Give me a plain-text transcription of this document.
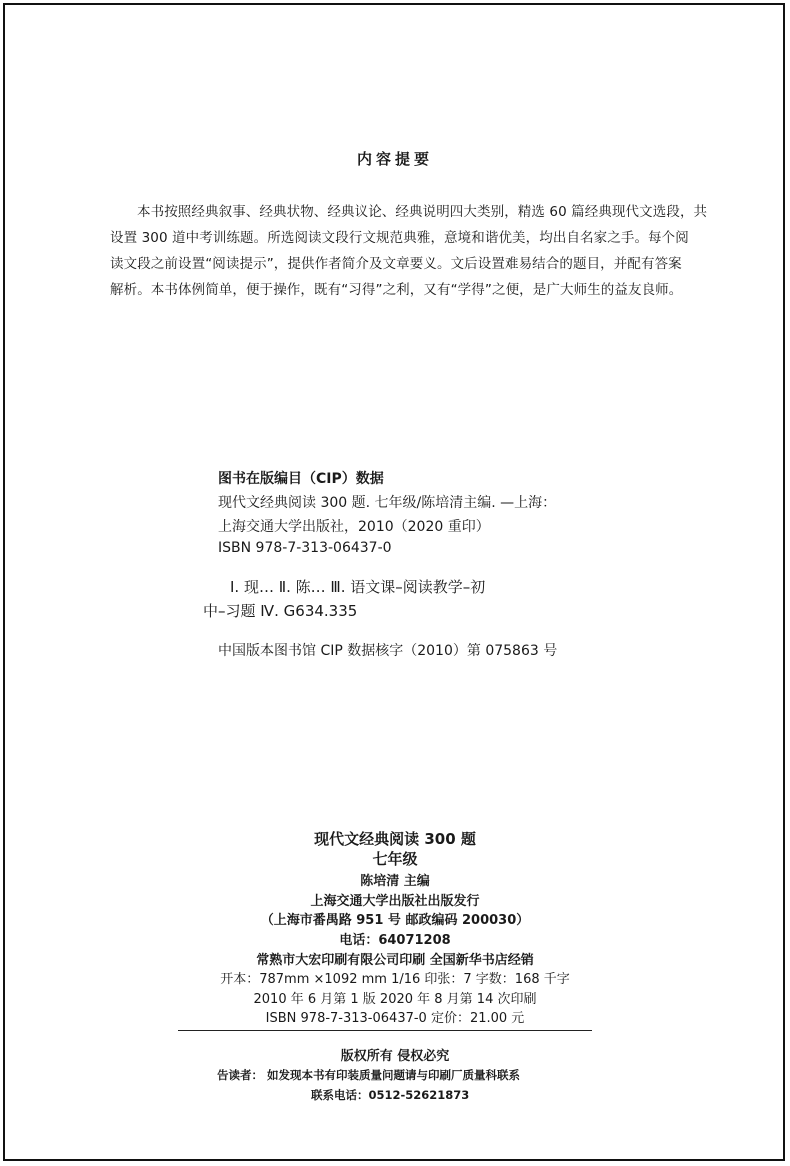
内容提要
本书按照经典叙事、经典状物、经典议论、经典说明四大类别，精选 60 篇经典现代文选段，共
设置 300 道中考训练题。所选阅读文段行文规范典雅，意境和谐优美，均出自名家之手。每个阅
读文段之前设置“阅读提示”，提供作者简介及文章要义。文后设置难易结合的题目，并配有答案
解析。本书体例简单，便于操作，既有“习得”之利，又有“学得”之便，是广大师生的益友良师。
图书在版编目（CIP）数据
现代文经典阅读 300 题. 七年级/陈培清主编. —上海：
上海交通大学出版社，2010（2020 重印）
ISBN 978-7-313-06437-0
Ⅰ. 现… Ⅱ. 陈… Ⅲ. 语文课–阅读教学–初
中–习题 Ⅳ. G634.335
中国版本图书馆 CIP 数据核字（2010）第 075863 号
现代文经典阅读 300 题
七年级
陈培清 主编
上海交通大学出版社出版发行
（上海市番禺路 951 号 邮政编码 200030）
电话：64071208
常熟市大宏印刷有限公司印刷 全国新华书店经销
开本：787mm ×1092 mm 1/16 印张：7 字数：168 千字
2010 年 6 月第 1 版 2020 年 8 月第 14 次印刷
ISBN 978-7-313-06437-0 定价：21.00 元
版权所有 侵权必究
告读者： 如发现本书有印装质量问题请与印刷厂质量科联系
联系电话：0512-52621873
